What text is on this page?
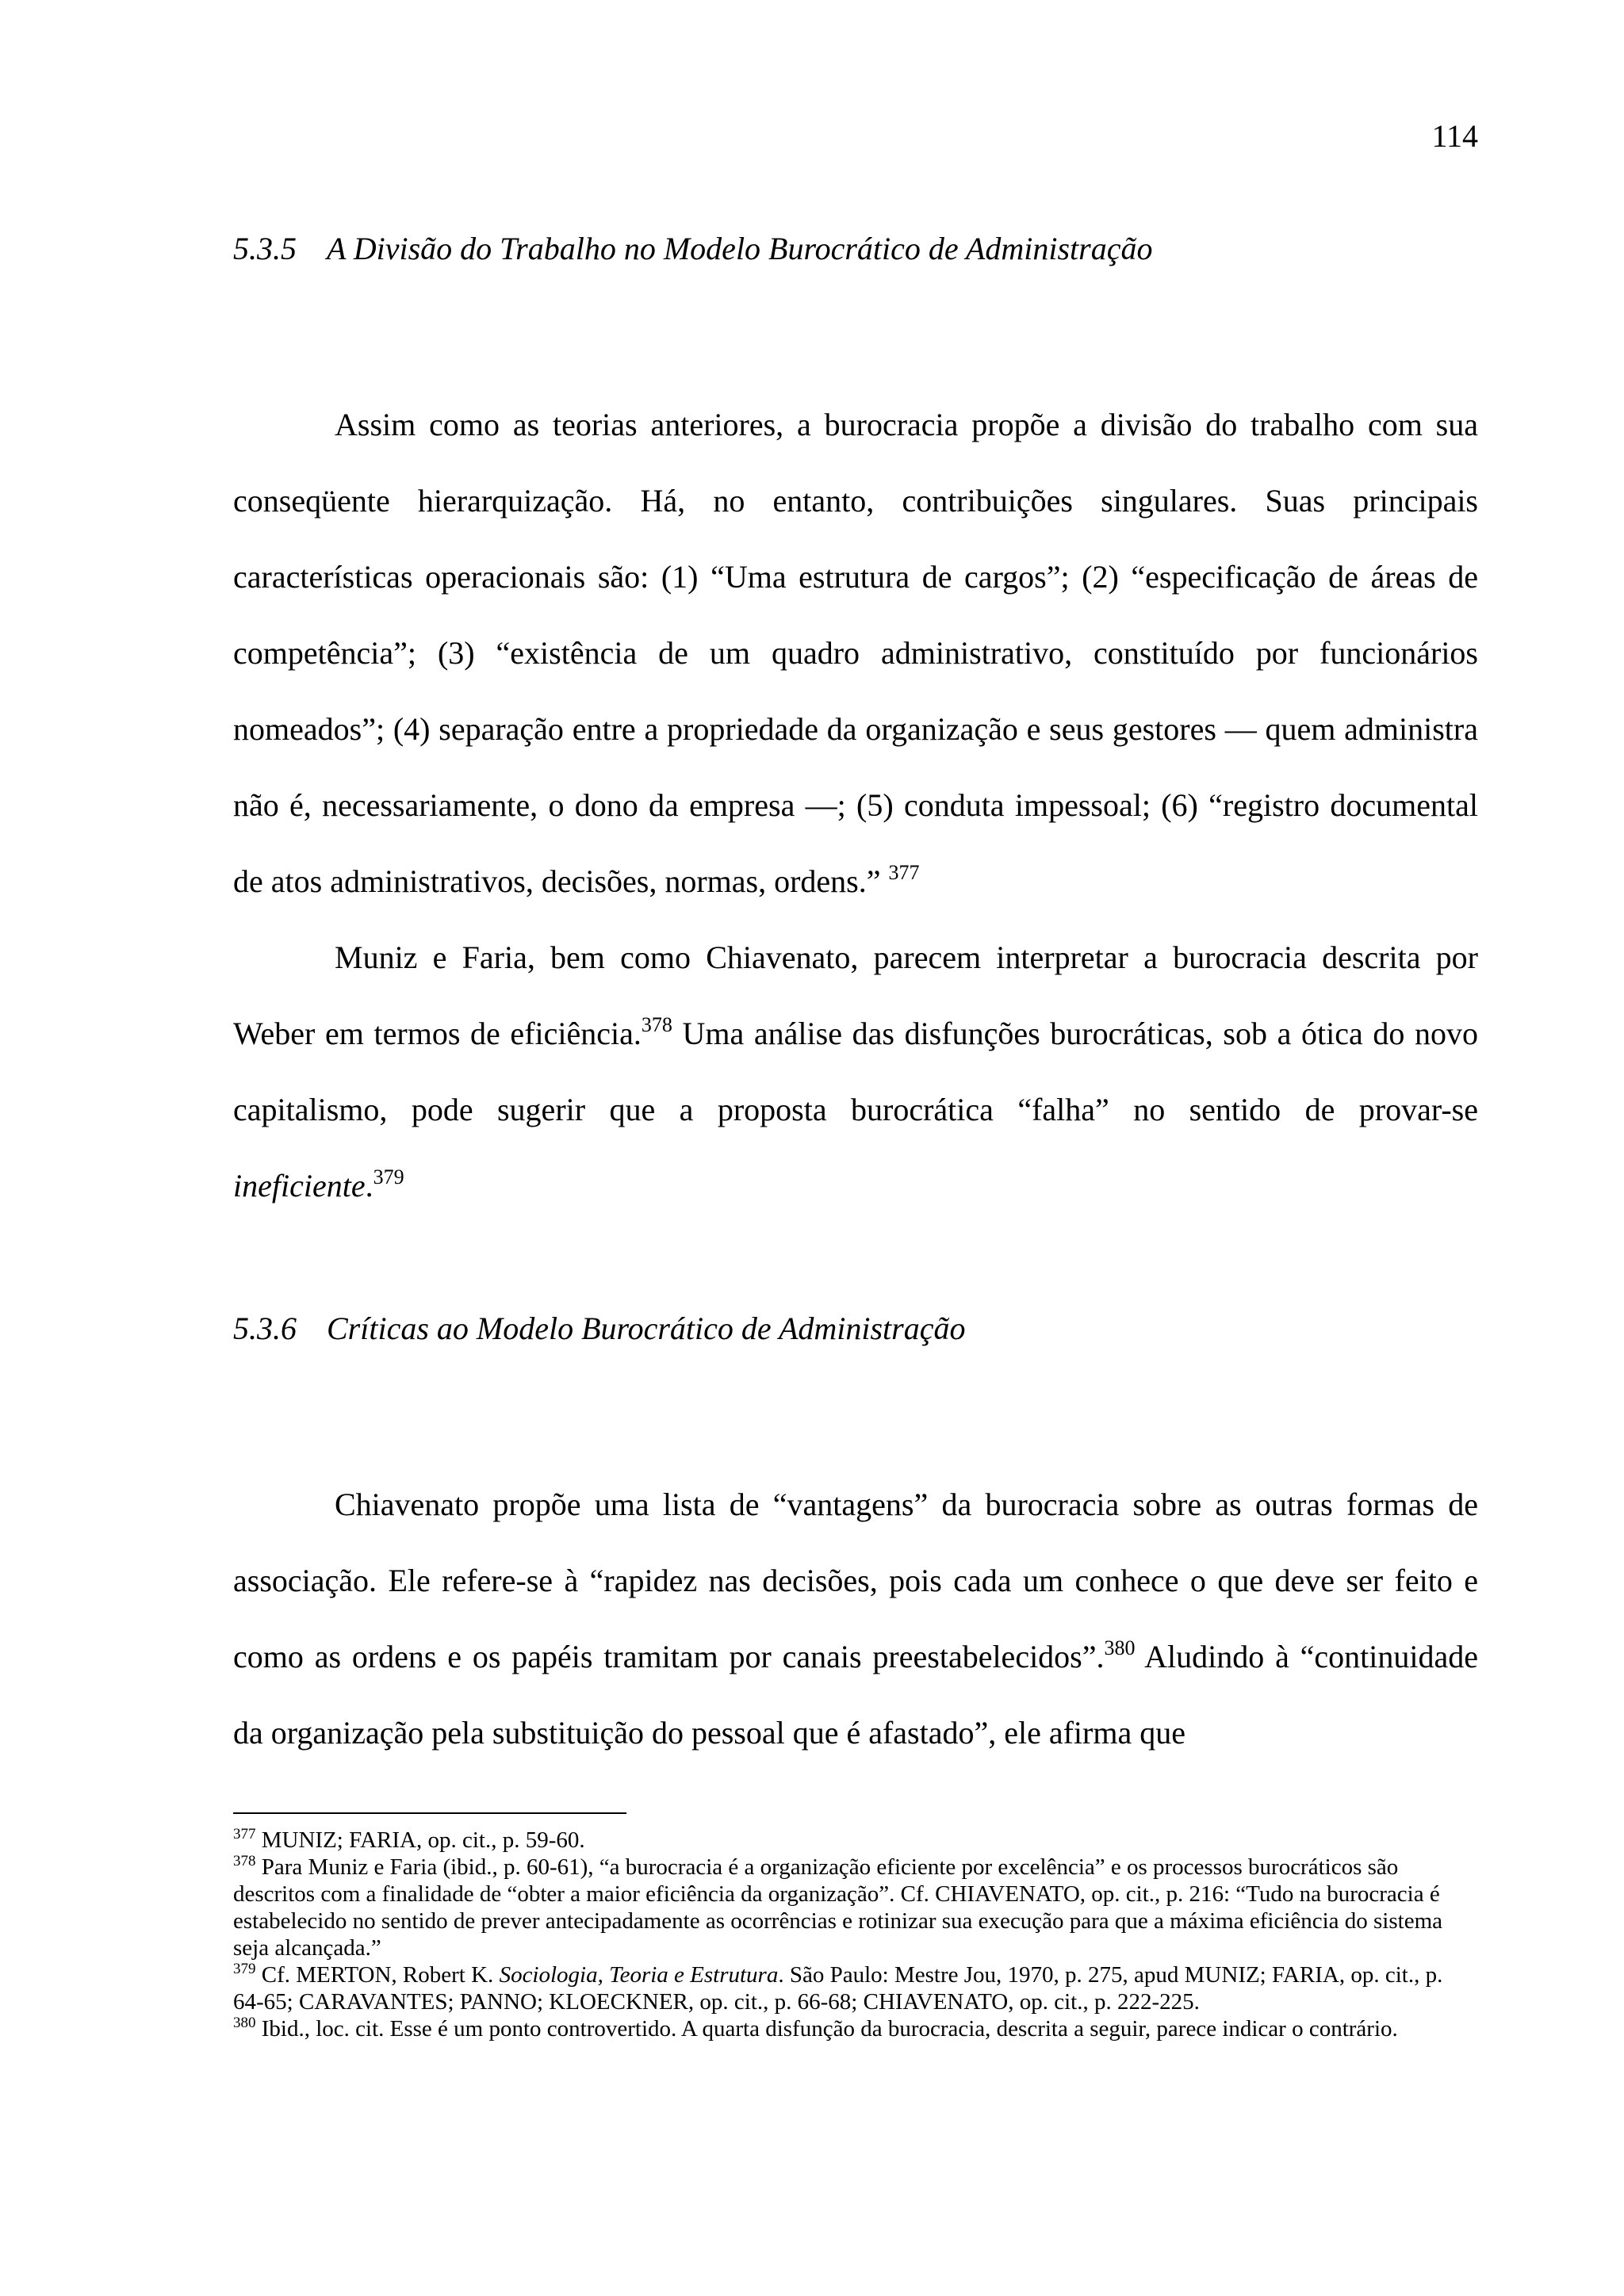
114
5.3.5 A Divisão do Trabalho no Modelo Burocrático de Administração

Assim como as teorias anteriores, a burocracia propõe a divisão do trabalho com sua conseqüente hierarquização. Há, no entanto, contribuições singulares. Suas principais características operacionais são: (1) “Uma estrutura de cargos”; (2) “especificação de áreas de competência”; (3) “existência de um quadro administrativo, constituído por funcionários nomeados”; (4) separação entre a propriedade da organização e seus gestores — quem administra não é, necessariamente, o dono da empresa —; (5) conduta impessoal; (6) “registro documental de atos administrativos, decisões, normas, ordens.” $^{377}$

Muniz e Faria, bem como Chiavenato, parecem interpretar a burocracia descrita por Weber em termos de eficiência.$^{378}$ Uma análise das disfunções burocráticas, sob a ótica do novo capitalismo, pode sugerir que a proposta burocrática “falha” no sentido de provar-se ineficiente.$^{379}$

5.3.6 Críticas ao Modelo Burocrático de Administração

Chiavenato propõe uma lista de “vantagens” da burocracia sobre as outras formas de associação. Ele refere-se à “rapidez nas decisões, pois cada um conhece o que deve ser feito e como as ordens e os papéis tramitam por canais preestabelecidos”.$^{380}$ Aludindo à “continuidade da organização pela substituição do pessoal que é afastado”, ele afirma que

$^{377}$ MUNIZ; FARIA, op. cit., p. 59-60.

$^{378}$ Para Muniz e Faria (ibid., p. 60-61), “a burocracia é a organização eficiente por excelência” e os processos burocráticos são descritos com a finalidade de “obter a maior eficiência da organização”. Cf. CHIAVENATO, op. cit., p. 216: “Tudo na burocracia é estabelecido no sentido de prever antecipadamente as ocorrências e rotinizar sua execução para que a máxima eficiência do sistema seja alcançada.”

$^{379}$ Cf. MERTON, Robert K. Sociologia, Teoria e Estrutura. São Paulo: Mestre Jou, 1970, p. 275, apud MUNIZ; FARIA, op. cit., p. 64-65; CARAVANTES; PANNO; KLOECKNER, op. cit., p. 66-68; CHIAVENATO, op. cit., p. 222-225.

$^{380}$ Ibid., loc. cit. Esse é um ponto controvertido. A quarta disfunção da burocracia, descrita a seguir, parece indicar o contrário.
